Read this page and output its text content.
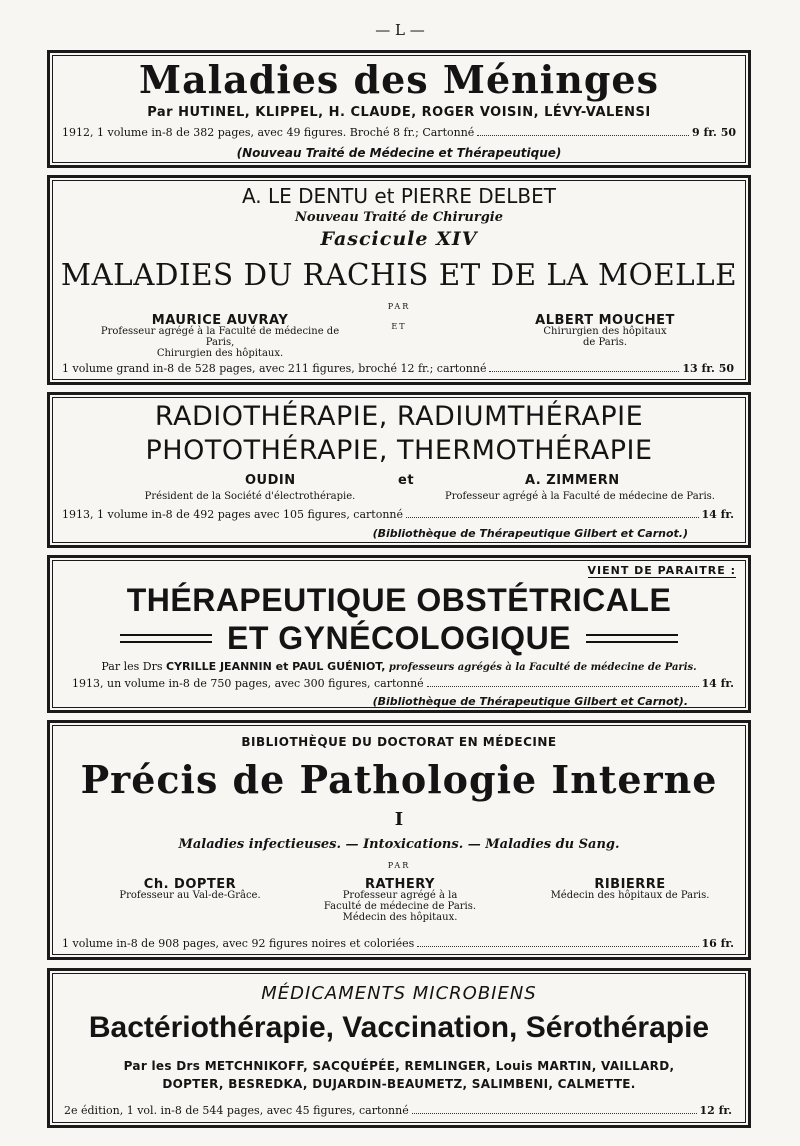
— L —
Maladies des Méninges
Par HUTINEL, KLIPPEL, H. CLAUDE, ROGER VOISIN, LÉVY-VALENSI
1912, 1 volume in-8 de 382 pages, avec 49 figures. Broché 8 fr.; Cartonné	9 fr. 50
(Nouveau Traité de Médecine et Thérapeutique)
A. LE DENTU et PIERRE DELBET
Nouveau Traité de Chirurgie
Fascicule XIV
MALADIES DU RACHIS ET DE LA MOELLE
PAR
MAURICE AUVRAY
Professeur agrégé à la Faculté de médecine de Paris,
Chirurgien des hôpitaux.
ET	ALBERT MOUCHET
Chirurgien des hôpitaux
de Paris.
1 volume grand in-8 de 528 pages, avec 211 figures, broché 12 fr.; cartonné	13 fr. 50
RADIOTHÉRAPIE, RADIUMTHÉRAPIE
PHOTOTHÉRAPIE, THERMOTHÉRAPIE
OUDIN	et	A. ZIMMERN
Président de la Société d'électrothérapie.	Professeur agrégé à la Faculté de médecine de Paris.
1913, 1 volume in-8 de 492 pages avec 105 figures, cartonné	14 fr.
(Bibliothèque de Thérapeutique Gilbert et Carnot.)
VIENT DE PARAITRE :
THÉRAPEUTIQUE OBSTÉTRICALE
ET GYNÉCOLOGIQUE
Par les Drs CYRILLE JEANNIN et PAUL GUÉNIOT, professeurs agrégés à la Faculté de médecine de Paris.
1913, un volume in-8 de 750 pages, avec 300 figures, cartonné	14 fr.
(Bibliothèque de Thérapeutique Gilbert et Carnot).
BIBLIOTHÈQUE DU DOCTORAT EN MÉDECINE
Précis de Pathologie Interne
I
Maladies infectieuses. — Intoxications. — Maladies du Sang.
PAR
Ch. DOPTER
Professeur au Val-de-Grâce.
RATHERY
Professeur agrégé à la
Faculté de médecine de Paris.
Médecin des hôpitaux.
RIBIERRE
Médecin des hôpitaux de Paris.
1 volume in-8 de 908 pages, avec 92 figures noires et coloriées	16 fr.
MÉDICAMENTS MICROBIENS
Bactériothérapie, Vaccination, Sérothérapie
Par les Drs METCHNIKOFF, SACQUÉPÉE, REMLINGER, Louis MARTIN, VAILLARD,
DOPTER, BESREDKA, DUJARDIN-BEAUMETZ, SALIMBENI, CALMETTE.
2e édition, 1 vol. in-8 de 544 pages, avec 45 figures, cartonné	12 fr.
